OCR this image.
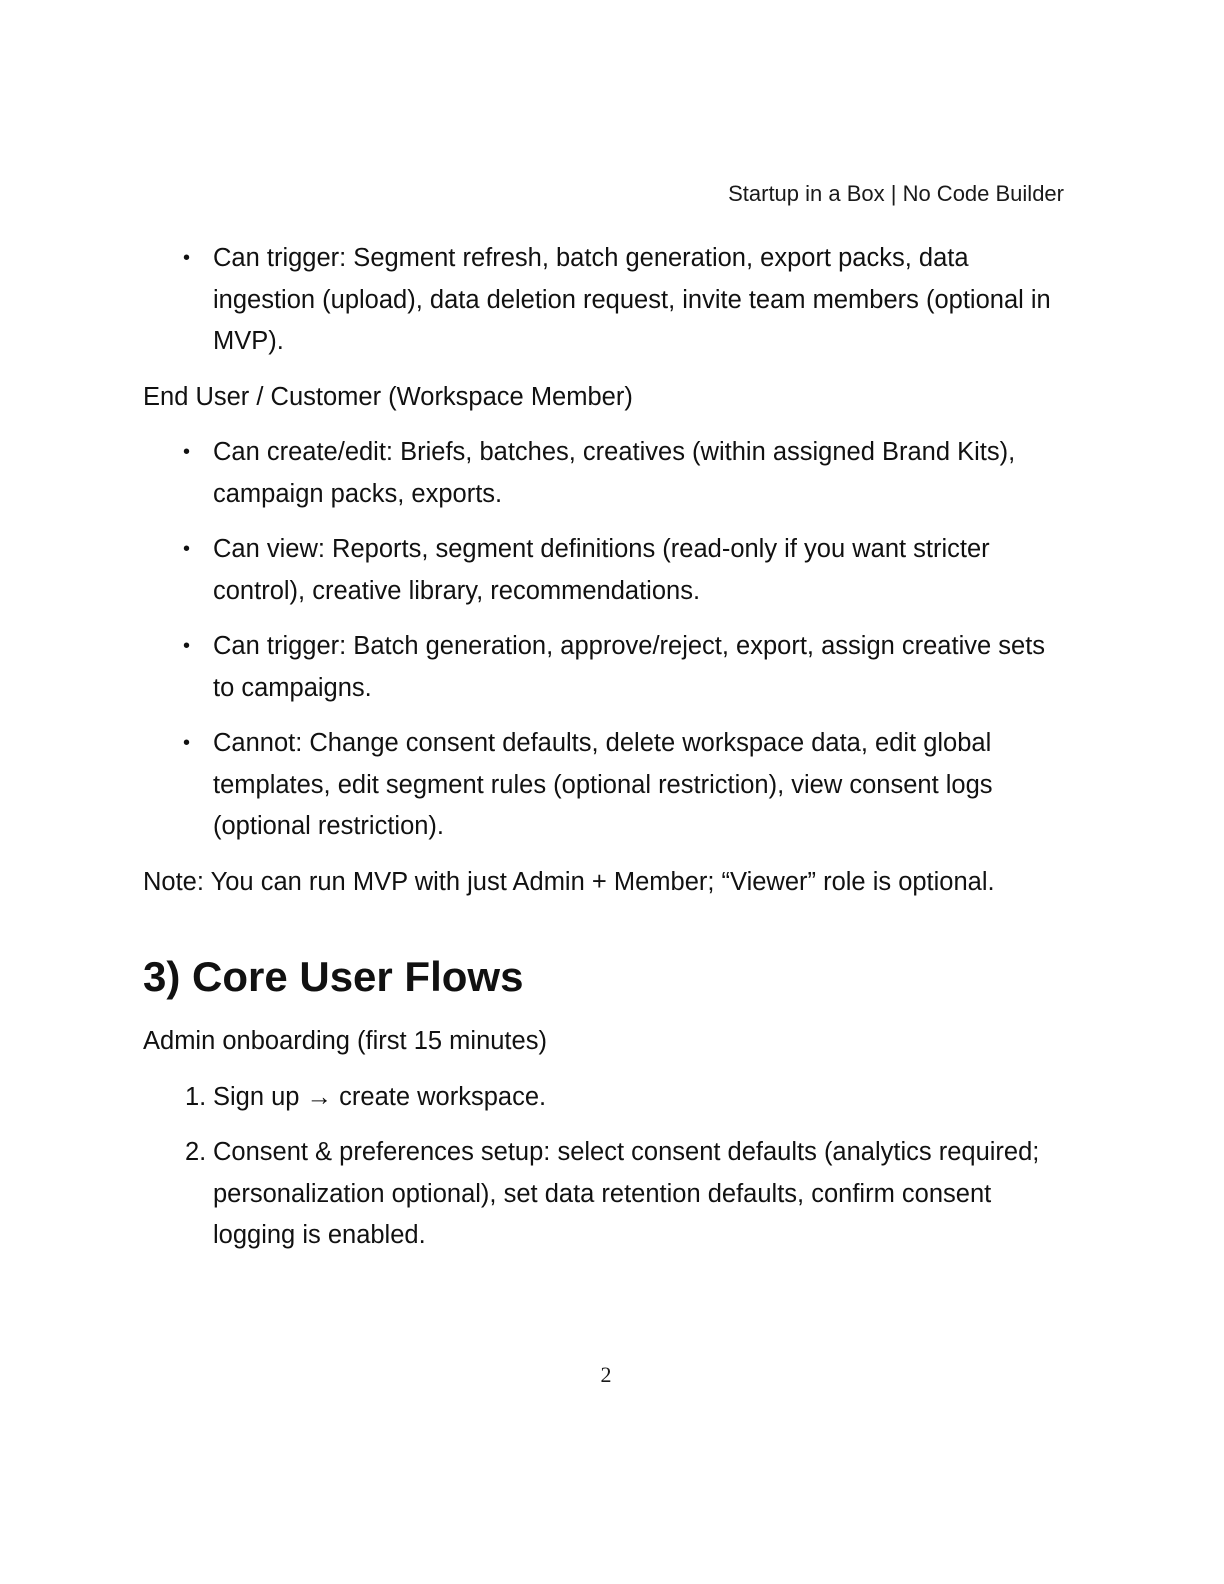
Startup in a Box | No Code Builder
• Can trigger: Segment refresh, batch generation, export packs, data ingestion (upload), data deletion request, invite team members (optional in MVP).

End User / Customer (Workspace Member)

• Can create/edit: Briefs, batches, creatives (within assigned Brand Kits), campaign packs, exports.
• Can view: Reports, segment definitions (read-only if you want stricter control), creative library, recommendations.
• Can trigger: Batch generation, approve/reject, export, assign creative sets to campaigns.
• Cannot: Change consent defaults, delete workspace data, edit global templates, edit segment rules (optional restriction), view consent logs (optional restriction).

Note: You can run MVP with just Admin + Member; “Viewer” role is optional.

3) Core User Flows

Admin onboarding (first 15 minutes)

1. Sign up → create workspace.
2. Consent & preferences setup: select consent defaults (analytics required; personalization optional), set data retention defaults, confirm consent logging is enabled.
2
